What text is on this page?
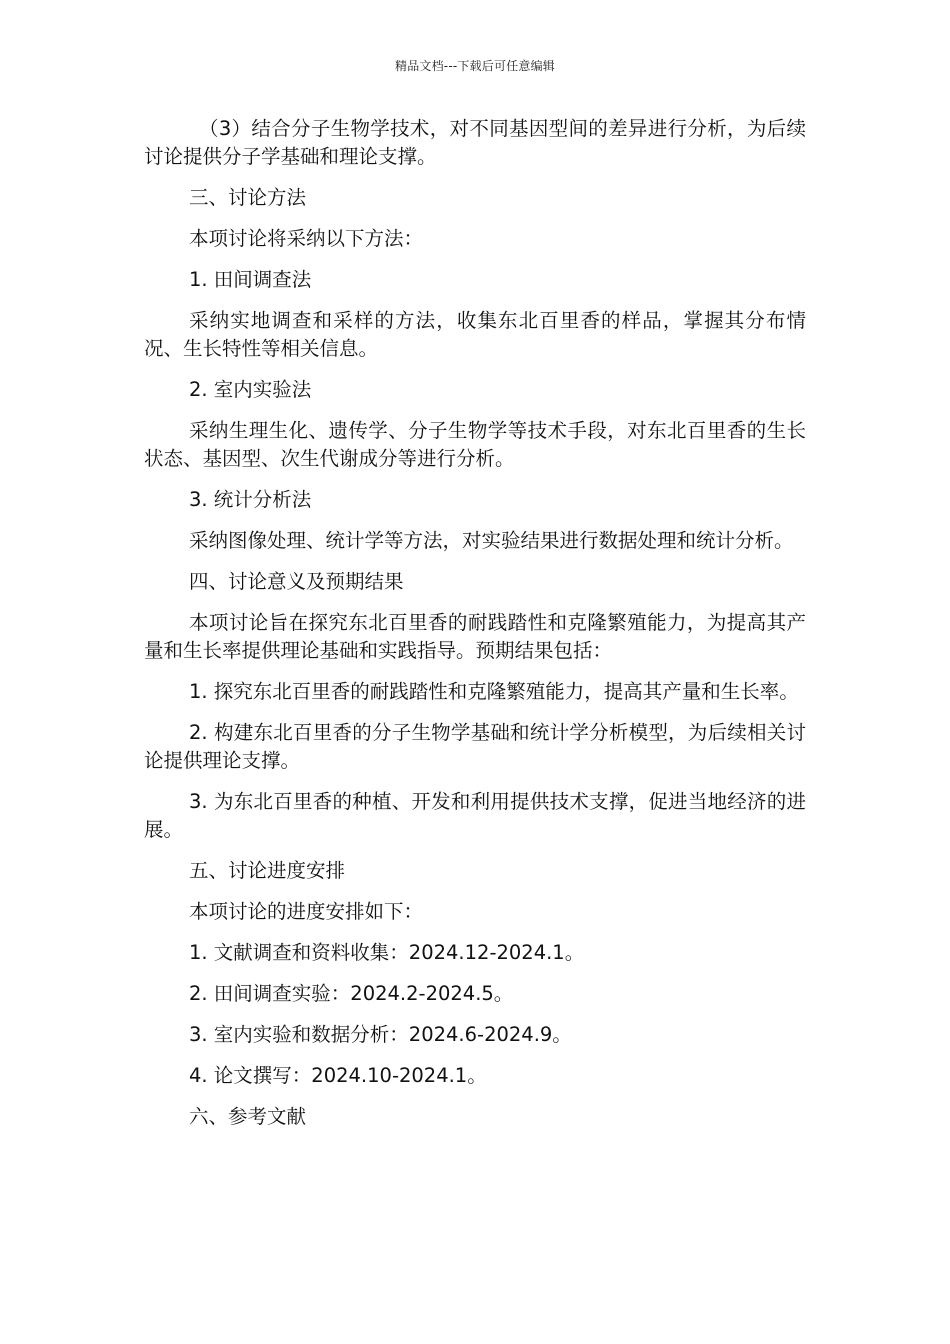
精品文档---下载后可任意编辑

（3）结合分子生物学技术，对不同基因型间的差异进行分析，为后续讨论提供分子学基础和理论支撑。

三、讨论方法

本项讨论将采纳以下方法：

1. 田间调查法

采纳实地调查和采样的方法，收集东北百里香的样品，掌握其分布情况、生长特性等相关信息。

2. 室内实验法

采纳生理生化、遗传学、分子生物学等技术手段，对东北百里香的生长状态、基因型、次生代谢成分等进行分析。

3. 统计分析法

采纳图像处理、统计学等方法，对实验结果进行数据处理和统计分析。

四、讨论意义及预期结果

本项讨论旨在探究东北百里香的耐践踏性和克隆繁殖能力，为提高其产量和生长率提供理论基础和实践指导。预期结果包括：

1. 探究东北百里香的耐践踏性和克隆繁殖能力，提高其产量和生长率。

2. 构建东北百里香的分子生物学基础和统计学分析模型，为后续相关讨论提供理论支撑。

3. 为东北百里香的种植、开发和利用提供技术支撑，促进当地经济的进展。

五、讨论进度安排

本项讨论的进度安排如下：

1. 文献调查和资料收集：2024.12-2024.1。

2. 田间调查实验：2024.2-2024.5。

3. 室内实验和数据分析：2024.6-2024.9。

4. 论文撰写：2024.10-2024.1。

六、参考文献
